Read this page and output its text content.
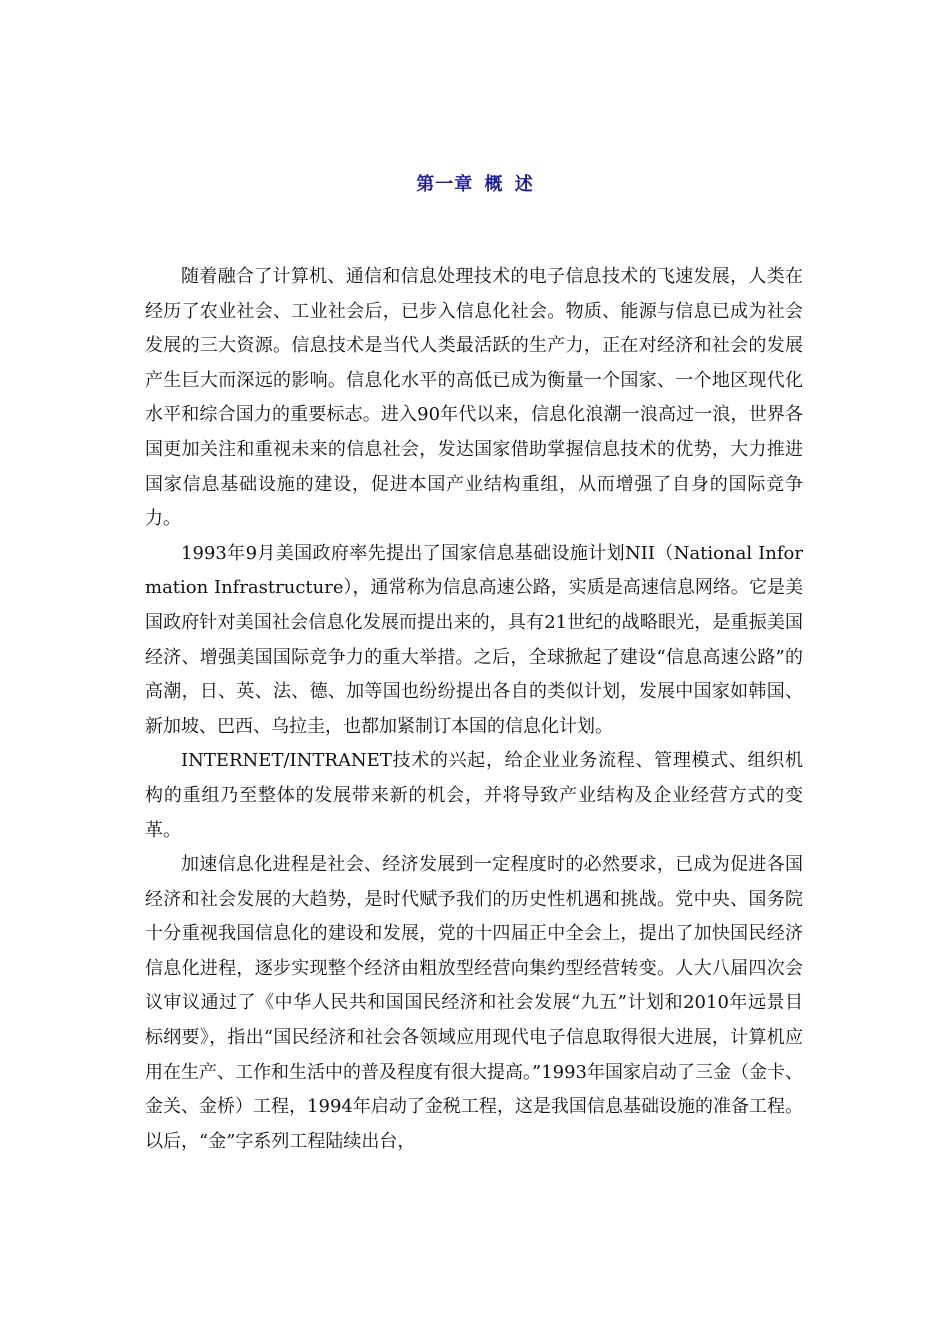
第一章 概 述

随着融合了计算机、通信和信息处理技术的电子信息技术的飞速发展，人类在经历了农业社会、工业社会后，已步入信息化社会。物质、能源与信息已成为社会发展的三大资源。信息技术是当代人类最活跃的生产力，正在对经济和社会的发展产生巨大而深远的影响。信息化水平的高低已成为衡量一个国家、一个地区现代化水平和综合国力的重要标志。进入90年代以来，信息化浪潮一浪高过一浪，世界各国更加关注和重视未来的信息社会，发达国家借助掌握信息技术的优势，大力推进国家信息基础设施的建设，促进本国产业结构重组，从而增强了自身的国际竞争力。

1993年9月美国政府率先提出了国家信息基础设施计划NII（National Information Infrastructure），通常称为信息高速公路，实质是高速信息网络。它是美国政府针对美国社会信息化发展而提出来的，具有21世纪的战略眼光，是重振美国经济、增强美国国际竞争力的重大举措。之后，全球掀起了建设“信息高速公路”的高潮，日、英、法、德、加等国也纷纷提出各自的类似计划，发展中国家如韩国、新加坡、巴西、乌拉圭，也都加紧制订本国的信息化计划。

INTERNET/INTRANET技术的兴起，给企业业务流程、管理模式、组织机构的重组乃至整体的发展带来新的机会，并将导致产业结构及企业经营方式的变革。

加速信息化进程是社会、经济发展到一定程度时的必然要求，已成为促进各国经济和社会发展的大趋势，是时代赋予我们的历史性机遇和挑战。党中央、国务院十分重视我国信息化的建设和发展，党的十四届正中全会上，提出了加快国民经济信息化进程，逐步实现整个经济由粗放型经营向集约型经营转变。人大八届四次会议审议通过了《中华人民共和国国民经济和社会发展“九五”计划和2010年远景目标纲要》，指出“国民经济和社会各领域应用现代电子信息取得很大进展，计算机应用在生产、工作和生活中的普及程度有很大提高。”1993年国家启动了三金（金卡、金关、金桥）工程，1994年启动了金税工程，这是我国信息基础设施的准备工程。以后，“金”字系列工程陆续出台，
